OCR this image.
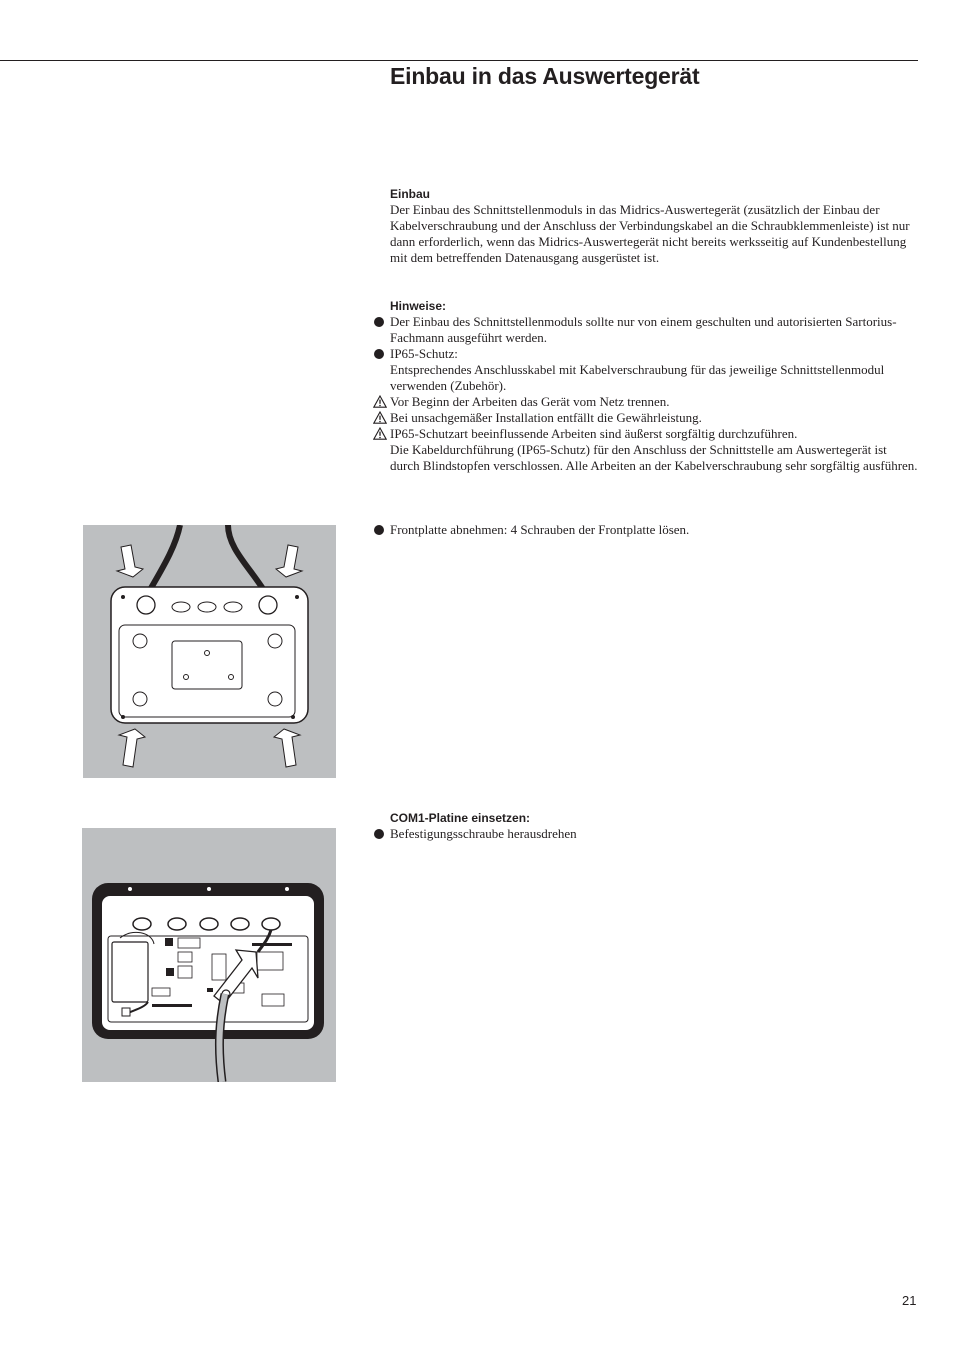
Einbau in das Auswertegerät

Einbau

Der Einbau des Schnittstellenmoduls in das Midrics-Auswertegerät (zusätzlich der Einbau der Kabelverschraubung und der Anschluss der Verbindungskabel an die Schraubklemmenleiste) ist nur dann erforderlich, wenn das Midrics-Auswertegerät nicht bereits werksseitig auf Kundenbestellung mit dem betreffenden Datenausgang ausgerüstet ist.

Hinweise:

Der Einbau des Schnittstellenmoduls sollte nur von einem geschulten und autorisierten Sartorius-Fachmann ausgeführt werden.

IP65-Schutz:

Entsprechendes Anschlusskabel mit Kabelverschraubung für das jeweilige Schnittstellenmodul verwenden (Zubehör).

Vor Beginn der Arbeiten das Gerät vom Netz trennen.

Bei unsachgemäßer Installation entfällt die Gewährleistung.

IP65-Schutzart beeinflussende Arbeiten sind äußerst sorgfältig durchzuführen.

Die Kabeldurchführung (IP65-Schutz) für den Anschluss der Schnittstelle am Auswertegerät ist durch Blindstopfen verschlossen. Alle Arbeiten an der Kabelverschraubung sehr sorgfältig ausführen.

Frontplatte abnehmen: 4 Schrauben der Frontplatte lösen.

COM1-Platine einsetzen:

Befestigungsschraube herausdrehen

21
